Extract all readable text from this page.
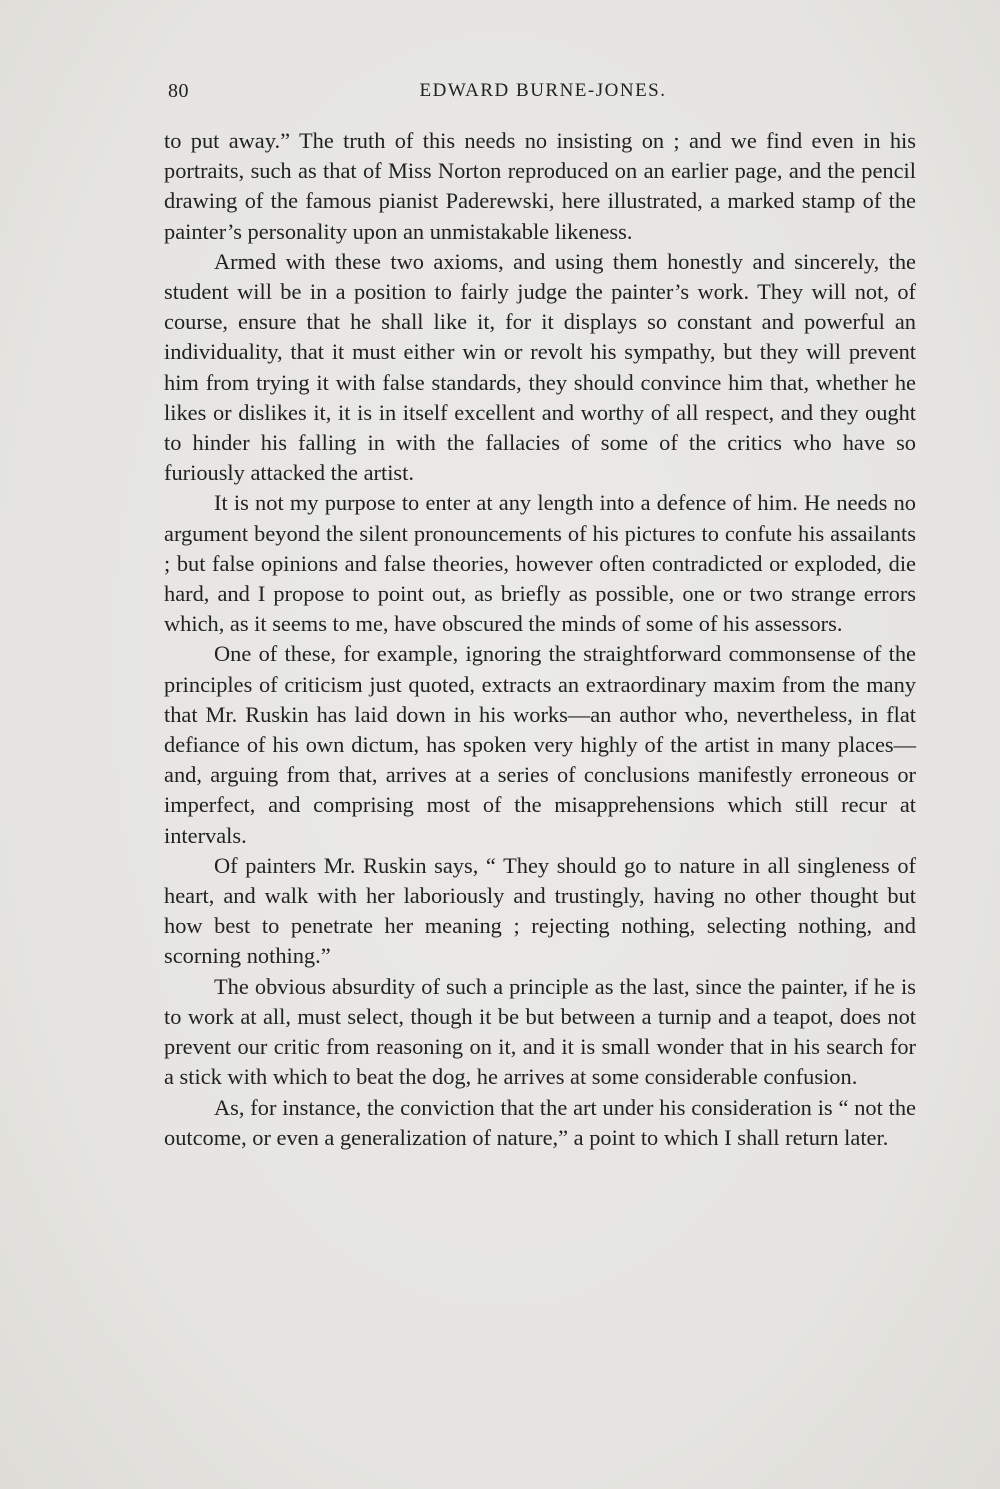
80	EDWARD BURNE-JONES.

to put away.” The truth of this needs no insisting on ; and we find even in his portraits, such as that of Miss Norton reproduced on an earlier page, and the pencil drawing of the famous pianist Paderewski, here illustrated, a marked stamp of the painter’s personality upon an unmistakable likeness.

Armed with these two axioms, and using them honestly and sincerely, the student will be in a position to fairly judge the painter’s work. They will not, of course, ensure that he shall like it, for it displays so constant and powerful an individuality, that it must either win or revolt his sympathy, but they will prevent him from trying it with false standards, they should convince him that, whether he likes or dislikes it, it is in itself excellent and worthy of all respect, and they ought to hinder his falling in with the fallacies of some of the critics who have so furiously attacked the artist.

It is not my purpose to enter at any length into a defence of him. He needs no argument beyond the silent pronouncements of his pictures to confute his assailants ; but false opinions and false theories, however often contradicted or exploded, die hard, and I propose to point out, as briefly as possible, one or two strange errors which, as it seems to me, have obscured the minds of some of his assessors.

One of these, for example, ignoring the straightforward commonsense of the principles of criticism just quoted, extracts an extraordinary maxim from the many that Mr. Ruskin has laid down in his works—an author who, nevertheless, in flat defiance of his own dictum, has spoken very highly of the artist in many places—and, arguing from that, arrives at a series of conclusions manifestly erroneous or imperfect, and comprising most of the misapprehensions which still recur at intervals.

Of painters Mr. Ruskin says, “ They should go to nature in all singleness of heart, and walk with her laboriously and trustingly, having no other thought but how best to penetrate her meaning ; rejecting nothing, selecting nothing, and scorning nothing.”

The obvious absurdity of such a principle as the last, since the painter, if he is to work at all, must select, though it be but between a turnip and a teapot, does not prevent our critic from reasoning on it, and it is small wonder that in his search for a stick with which to beat the dog, he arrives at some considerable confusion.

As, for instance, the conviction that the art under his consideration is “ not the outcome, or even a generalization of nature,” a point to which I shall return later.
